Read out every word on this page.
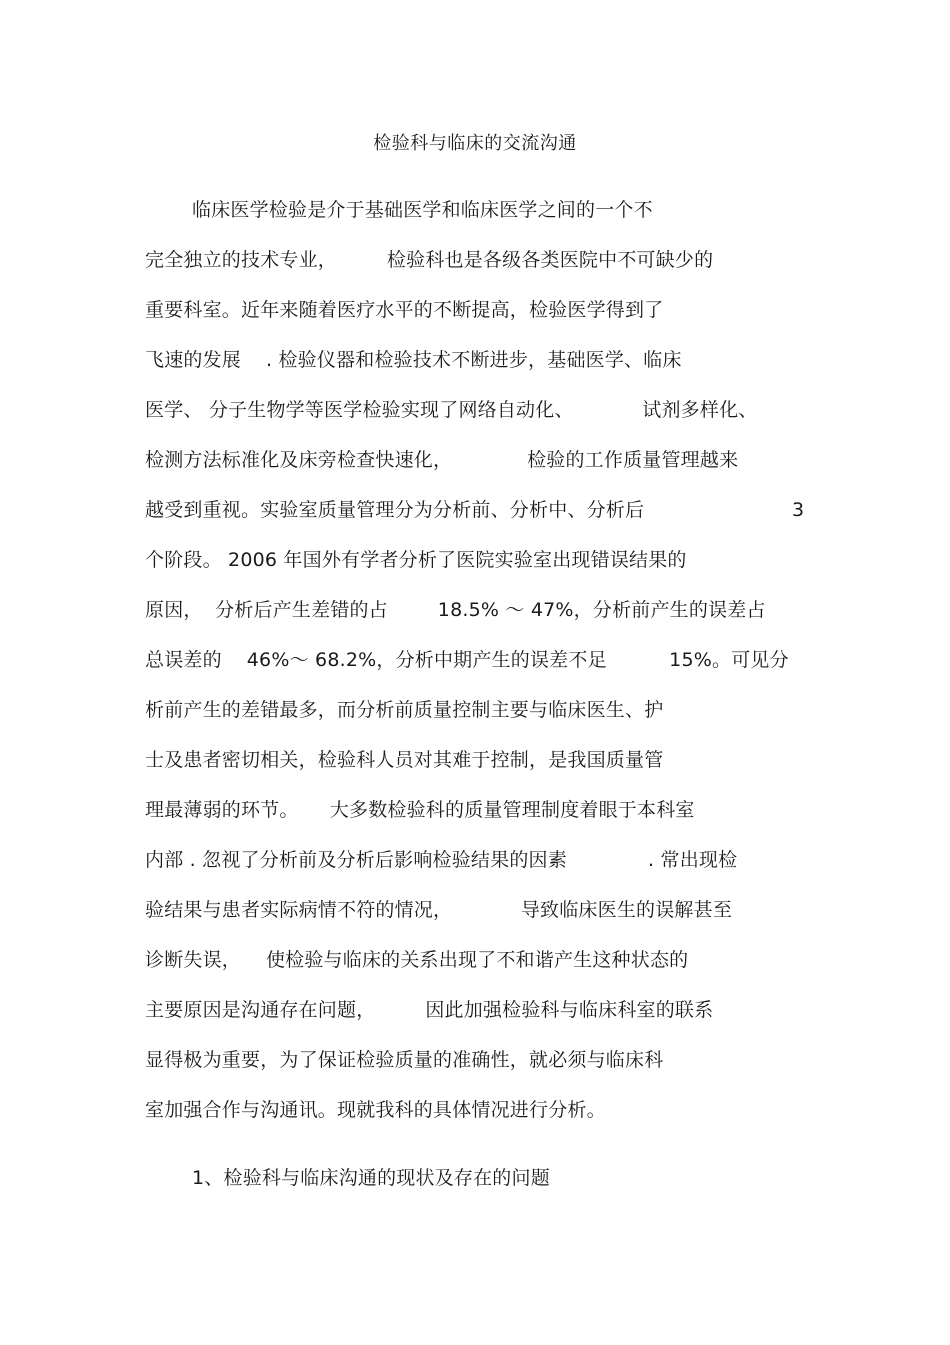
检验科与临床的交流沟通
临床医学检验是介于基础医学和临床医学之间的一个不
完全独立的技术专业，        检验科也是各级各类医院中不可缺少的
重要科室。近年来随着医疗水平的不断提高，检验医学得到了
飞速的发展    . 检验仪器和检验技术不断进步，基础医学、临床
医学、 分子生物学等医学检验实现了网络自动化、           试剂多样化、
检测方法标准化及床旁检查快速化，            检验的工作质量管理越来
越受到重视。实验室质量管理分为分析前、分析中、分析后	3
个阶段。 2006 年国外有学者分析了医院实验室出现错误结果的
原因，  分析后产生差错的占        18.5% ～ 47%，分析前产生的误差占
总误差的    46%～ 68.2%，分析中期产生的误差不足          15%。可见分
析前产生的差错最多，而分析前质量控制主要与临床医生、护
士及患者密切相关，检验科人员对其难于控制，是我国质量管
理最薄弱的环节。     大多数检验科的质量管理制度着眼于本科室
内部 . 忽视了分析前及分析后影响检验结果的因素             . 常出现检
验结果与患者实际病情不符的情况，           导致临床医生的误解甚至
诊断失误，    使检验与临床的关系出现了不和谐产生这种状态的
主要原因是沟通存在问题，        因此加强检验科与临床科室的联系
显得极为重要，为了保证检验质量的准确性，就必须与临床科
室加强合作与沟通讯。现就我科的具体情况进行分析。
1、检验科与临床沟通的现状及存在的问题
